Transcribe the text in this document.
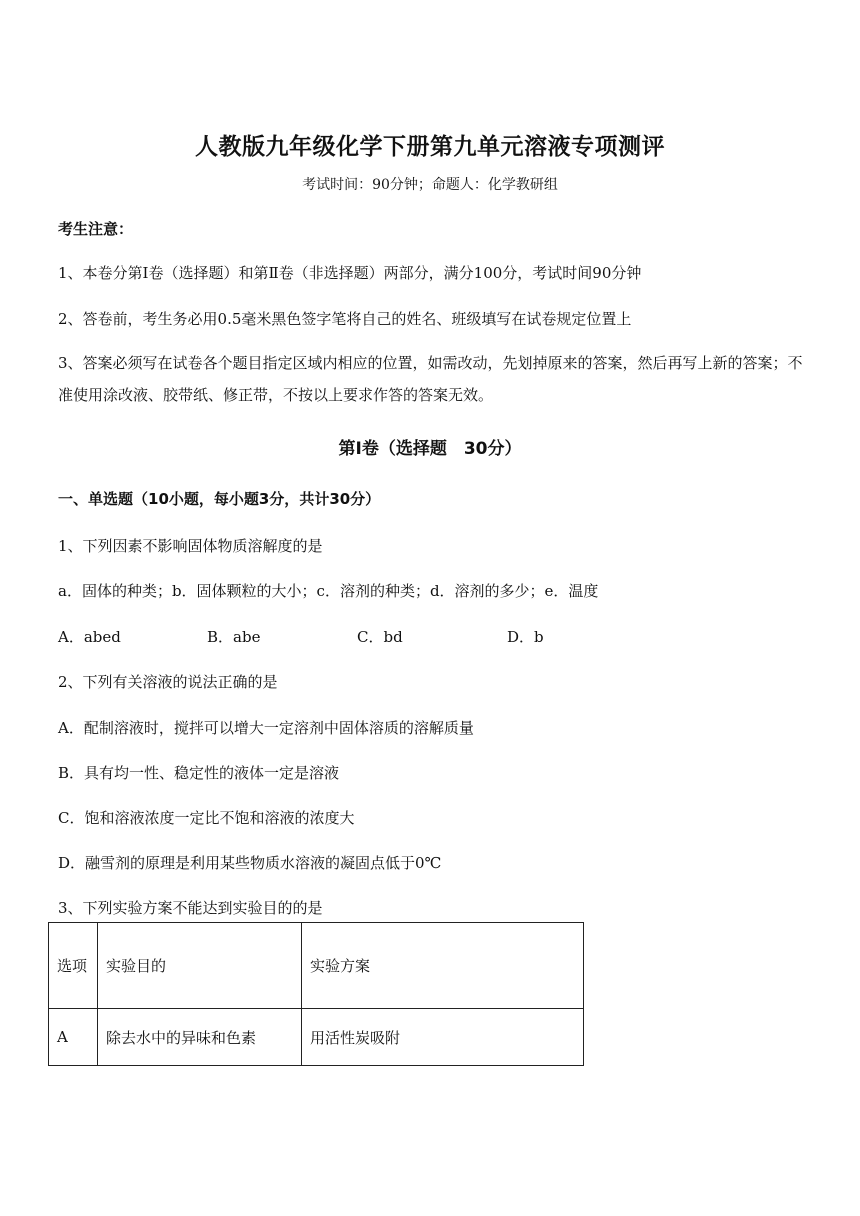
人教版九年级化学下册第九单元溶液专项测评
考试时间：90分钟；命题人：化学教研组
考生注意：
1、本卷分第Ⅰ卷（选择题）和第Ⅱ卷（非选择题）两部分，满分100分，考试时间90分钟
2、答卷前，考生务必用0.5毫米黑色签字笔将自己的姓名、班级填写在试卷规定位置上
3、答案必须写在试卷各个题目指定区域内相应的位置，如需改动，先划掉原来的答案，然后再写上新的答案；不准使用涂改液、胶带纸、修正带，不按以上要求作答的答案无效。
第Ⅰ卷（选择题　30分）
一、单选题（10小题，每小题3分，共计30分）
1、下列因素不影响固体物质溶解度的是
a．固体的种类；b．固体颗粒的大小；c．溶剂的种类；d．溶剂的多少；e．温度
A．abed	B．abe	C．bd	D．b
2、下列有关溶液的说法正确的是
A．配制溶液时，搅拌可以增大一定溶剂中固体溶质的溶解质量
B．具有均一性、稳定性的液体一定是溶液
C．饱和溶液浓度一定比不饱和溶液的浓度大
D．融雪剂的原理是利用某些物质水溶液的凝固点低于0℃
3、下列实验方案不能达到实验目的的是
选项	实验目的	实验方案
A	除去水中的异味和色素	用活性炭吸附
